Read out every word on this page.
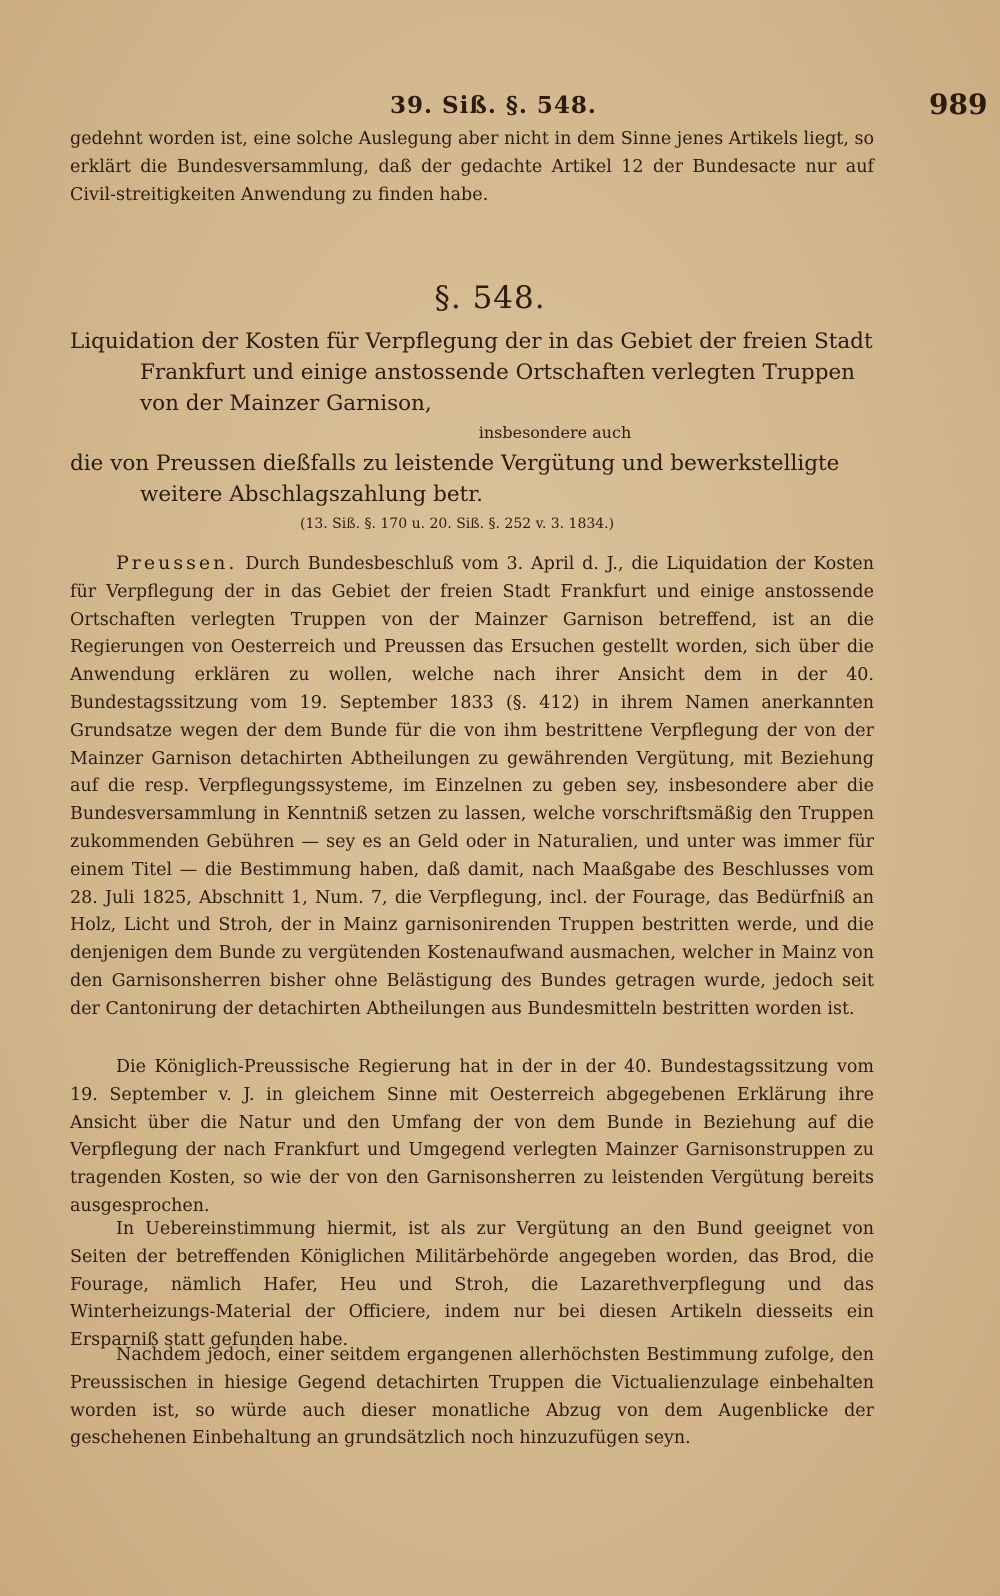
39. Siß. §. 548.	989

gedehnt worden ist, eine solche Auslegung aber nicht in dem Sinne jenes Artikels liegt, so erklärt die Bundesversammlung, daß der gedachte Artikel 12 der Bundesacte nur auf Civil-streitigkeiten Anwendung zu finden habe.

§. 548.
Liquidation der Kosten für Verpflegung der in das Gebiet der freien Stadt Frankfurt und einige anstossende Ortschaften verlegten Truppen von der Mainzer Garnison,
insbesondere auch
die von Preussen dießfalls zu leistende Vergütung und bewerkstelligte weitere Abschlagszahlung betr.
(13. Siß. §. 170 u. 20. Siß. §. 252 v. 3. 1834.)

Preussen. Durch Bundesbeschluß vom 3. April d. J., die Liquidation der Kosten für Verpflegung der in das Gebiet der freien Stadt Frankfurt und einige anstossende Ortschaften verlegten Truppen von der Mainzer Garnison betreffend, ist an die Regierungen von Oesterreich und Preussen das Ersuchen gestellt worden, sich über die Anwendung erklären zu wollen, welche nach ihrer Ansicht dem in der 40. Bundestagssitzung vom 19. September 1833 (§. 412) in ihrem Namen anerkannten Grundsatze wegen der dem Bunde für die von ihm bestrittene Verpflegung der von der Mainzer Garnison detachirten Abtheilungen zu gewährenden Vergütung, mit Beziehung auf die resp. Verpflegungssysteme, im Einzelnen zu geben sey, insbesondere aber die Bundesversammlung in Kenntniß setzen zu lassen, welche vorschriftsmäßig den Truppen zukommenden Gebühren — sey es an Geld oder in Naturalien, und unter was immer für einem Titel — die Bestimmung haben, daß damit, nach Maaßgabe des Beschlusses vom 28. Juli 1825, Abschnitt 1, Num. 7, die Verpflegung, incl. der Fourage, das Bedürfniß an Holz, Licht und Stroh, der in Mainz garnisonirenden Truppen bestritten werde, und die denjenigen dem Bunde zu vergütenden Kostenaufwand ausmachen, welcher in Mainz von den Garnisonsherren bisher ohne Belästigung des Bundes getragen wurde, jedoch seit der Cantonirung der detachirten Abtheilungen aus Bundesmitteln bestritten worden ist.

Die Königlich-Preussische Regierung hat in der in der 40. Bundestagssitzung vom 19. September v. J. in gleichem Sinne mit Oesterreich abgegebenen Erklärung ihre Ansicht über die Natur und den Umfang der von dem Bunde in Beziehung auf die Verpflegung der nach Frankfurt und Umgegend verlegten Mainzer Garnisonstruppen zu tragenden Kosten, so wie der von den Garnisonsherren zu leistenden Vergütung bereits ausgesprochen.

In Uebereinstimmung hiermit, ist als zur Vergütung an den Bund geeignet von Seiten der betreffenden Königlichen Militärbehörde angegeben worden, das Brod, die Fourage, nämlich Hafer, Heu und Stroh, die Lazarethverpflegung und das Winterheizungs-Material der Officiere, indem nur bei diesen Artikeln diesseits ein Ersparniß statt gefunden habe.

Nachdem jedoch, einer seitdem ergangenen allerhöchsten Bestimmung zufolge, den Preussischen in hiesige Gegend detachirten Truppen die Victualienzulage einbehalten worden ist, so würde auch dieser monatliche Abzug von dem Augenblicke der geschehenen Einbehaltung an grundsätzlich noch hinzuzufügen seyn.
